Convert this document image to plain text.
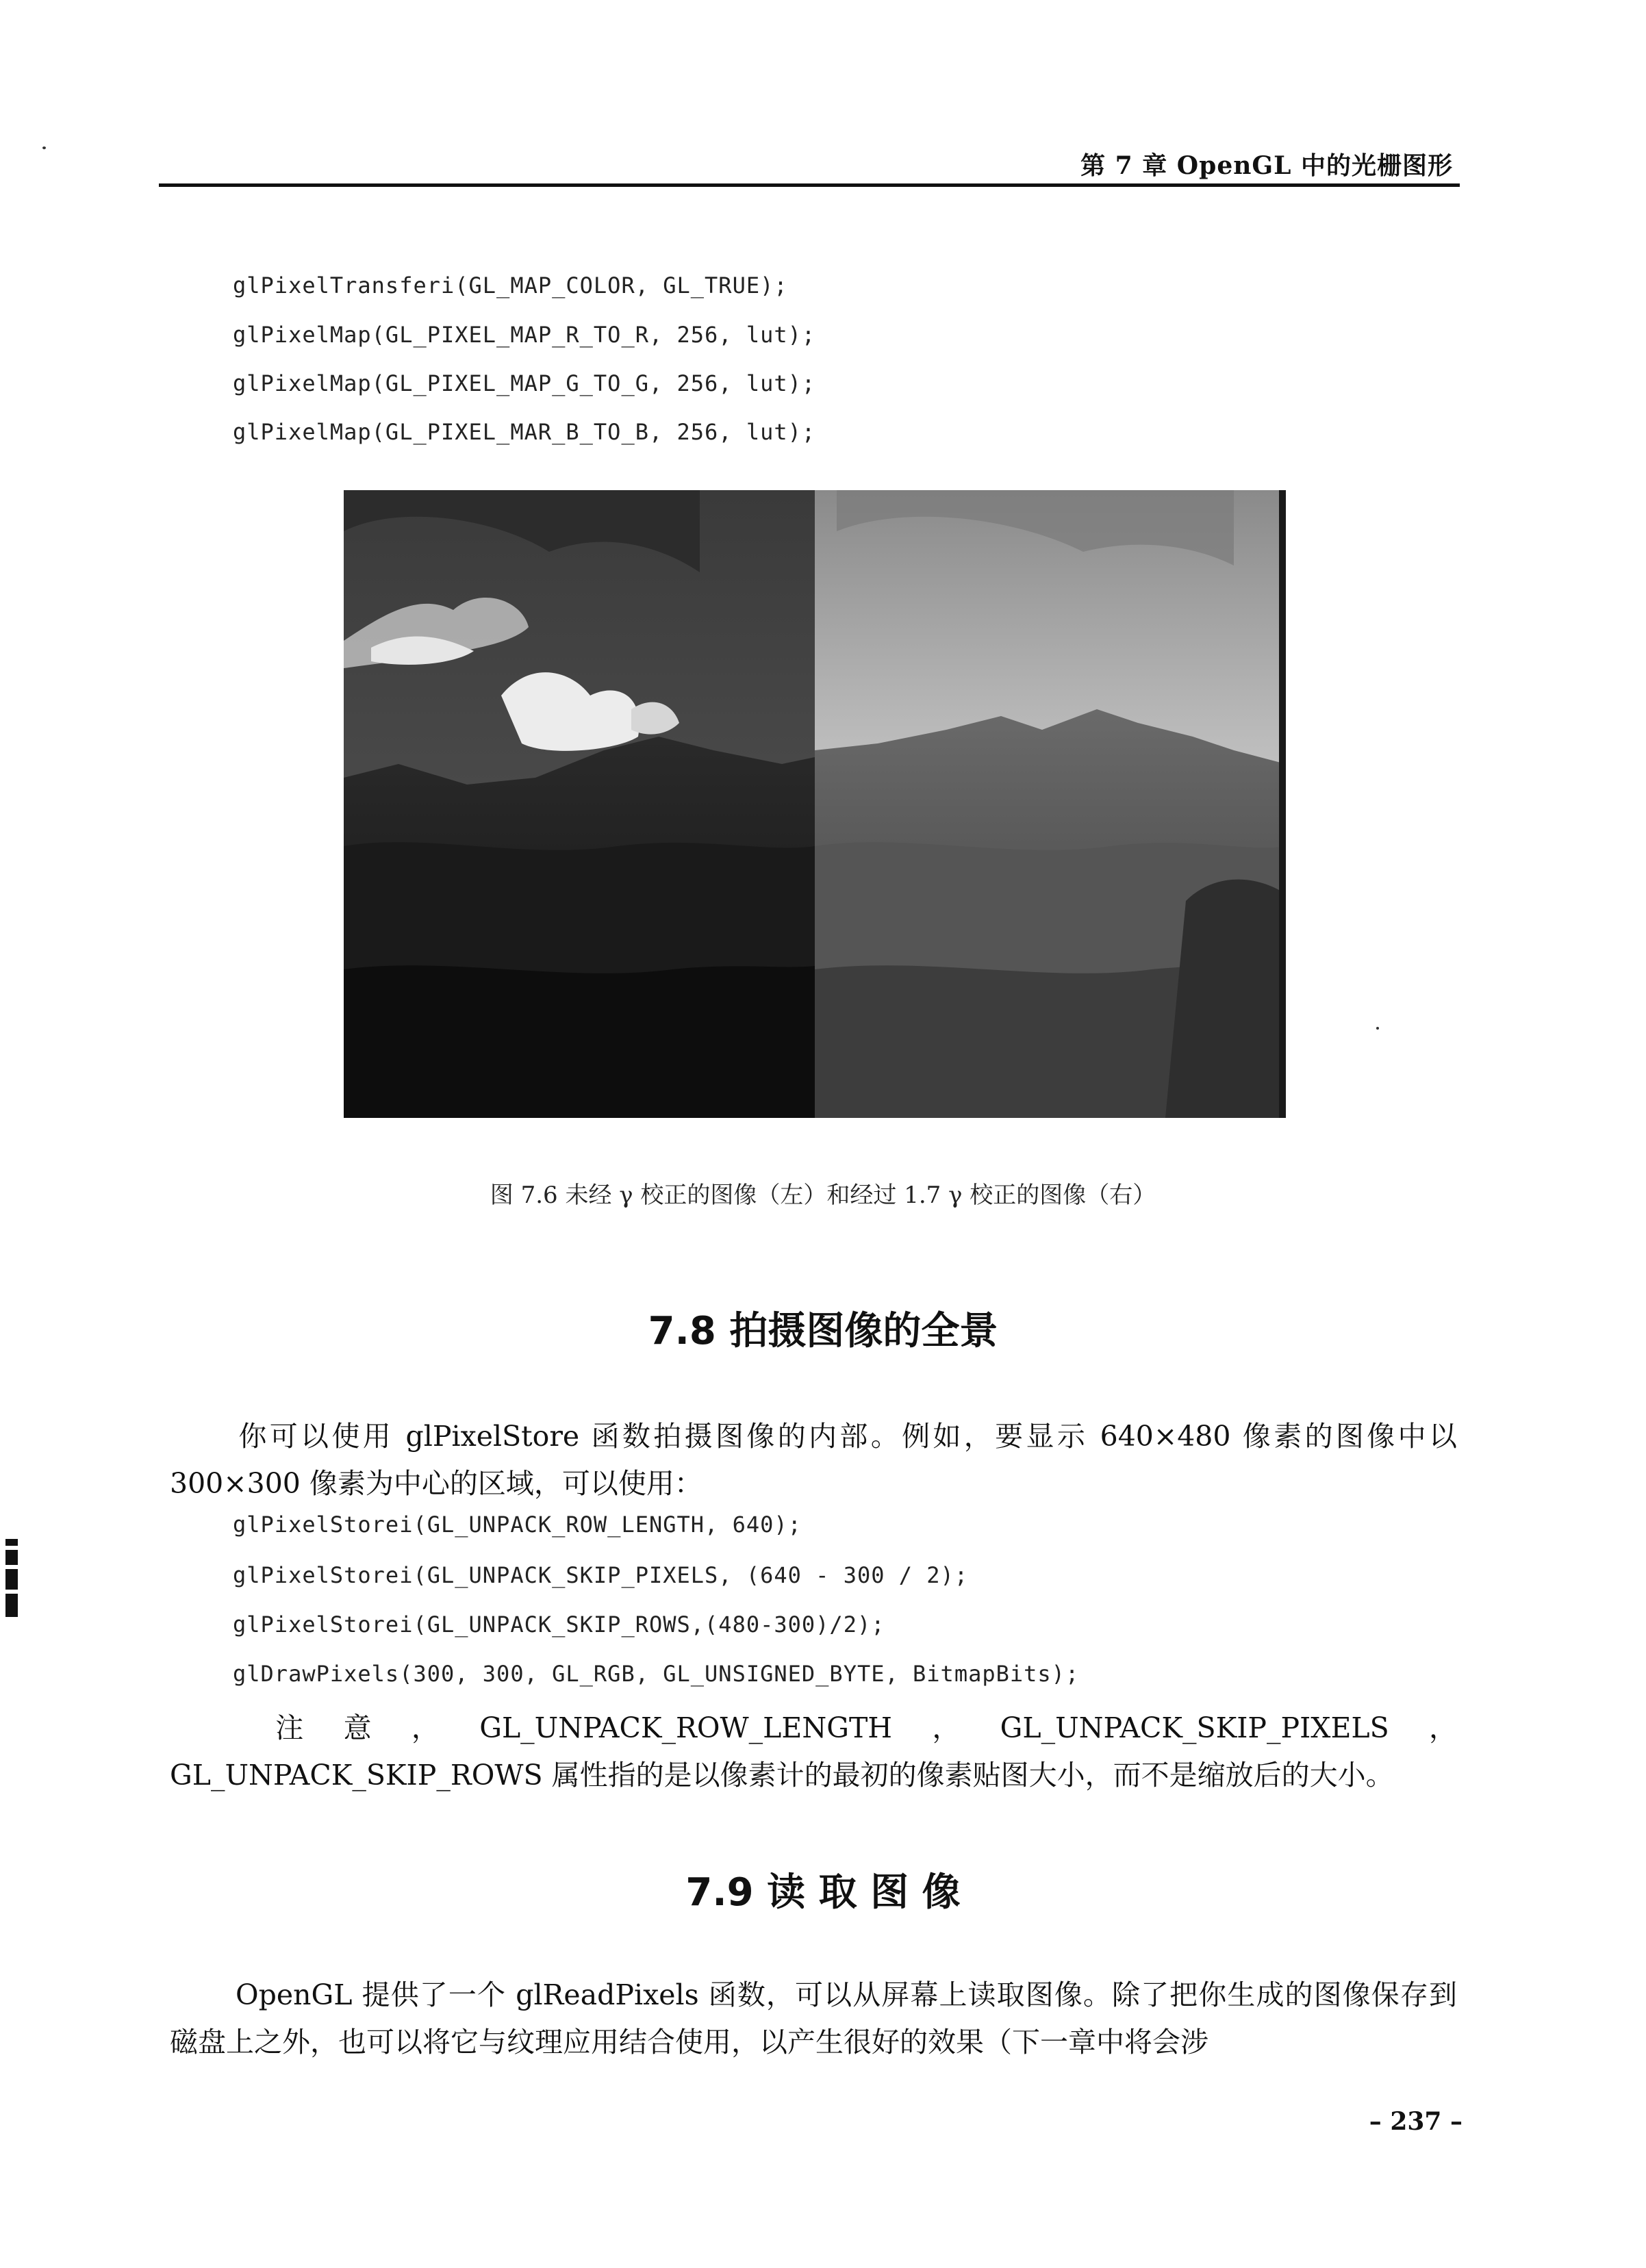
第 7 章 OpenGL 中的光栅图形
glPixelTransferi(GL_MAP_COLOR, GL_TRUE);
glPixelMap(GL_PIXEL_MAP_R_TO_R, 256, lut);
glPixelMap(GL_PIXEL_MAP_G_TO_G, 256, lut);
glPixelMap(GL_PIXEL_MAR_B_TO_B, 256, lut);
图 7.6 未经 γ 校正的图像（左）和经过 1.7 γ 校正的图像（右）
7.8 拍摄图像的全景
你可以使用 glPixelStore 函数拍摄图像的内部。例如，要显示 640×480 像素的图像中以 300×300 像素为中心的区域，可以使用：
glPixelStorei(GL_UNPACK_ROW_LENGTH, 640);
glPixelStorei(GL_UNPACK_SKIP_PIXELS, (640 - 300 / 2);
glPixelStorei(GL_UNPACK_SKIP_ROWS,(480-300)/2);
glDrawPixels(300, 300, GL_RGB, GL_UNSIGNED_BYTE, BitmapBits);
注意，GL_UNPACK_ROW_LENGTH，GL_UNPACK_SKIP_PIXELS，GL_UNPACK_SKIP_ROWS 属性指的是以像素计的最初的像素贴图大小，而不是缩放后的大小。
7.9 读 取 图 像
OpenGL 提供了一个 glReadPixels 函数，可以从屏幕上读取图像。除了把你生成的图像保存到磁盘上之外，也可以将它与纹理应用结合使用，以产生很好的效果（下一章中将会涉
– 237 –
